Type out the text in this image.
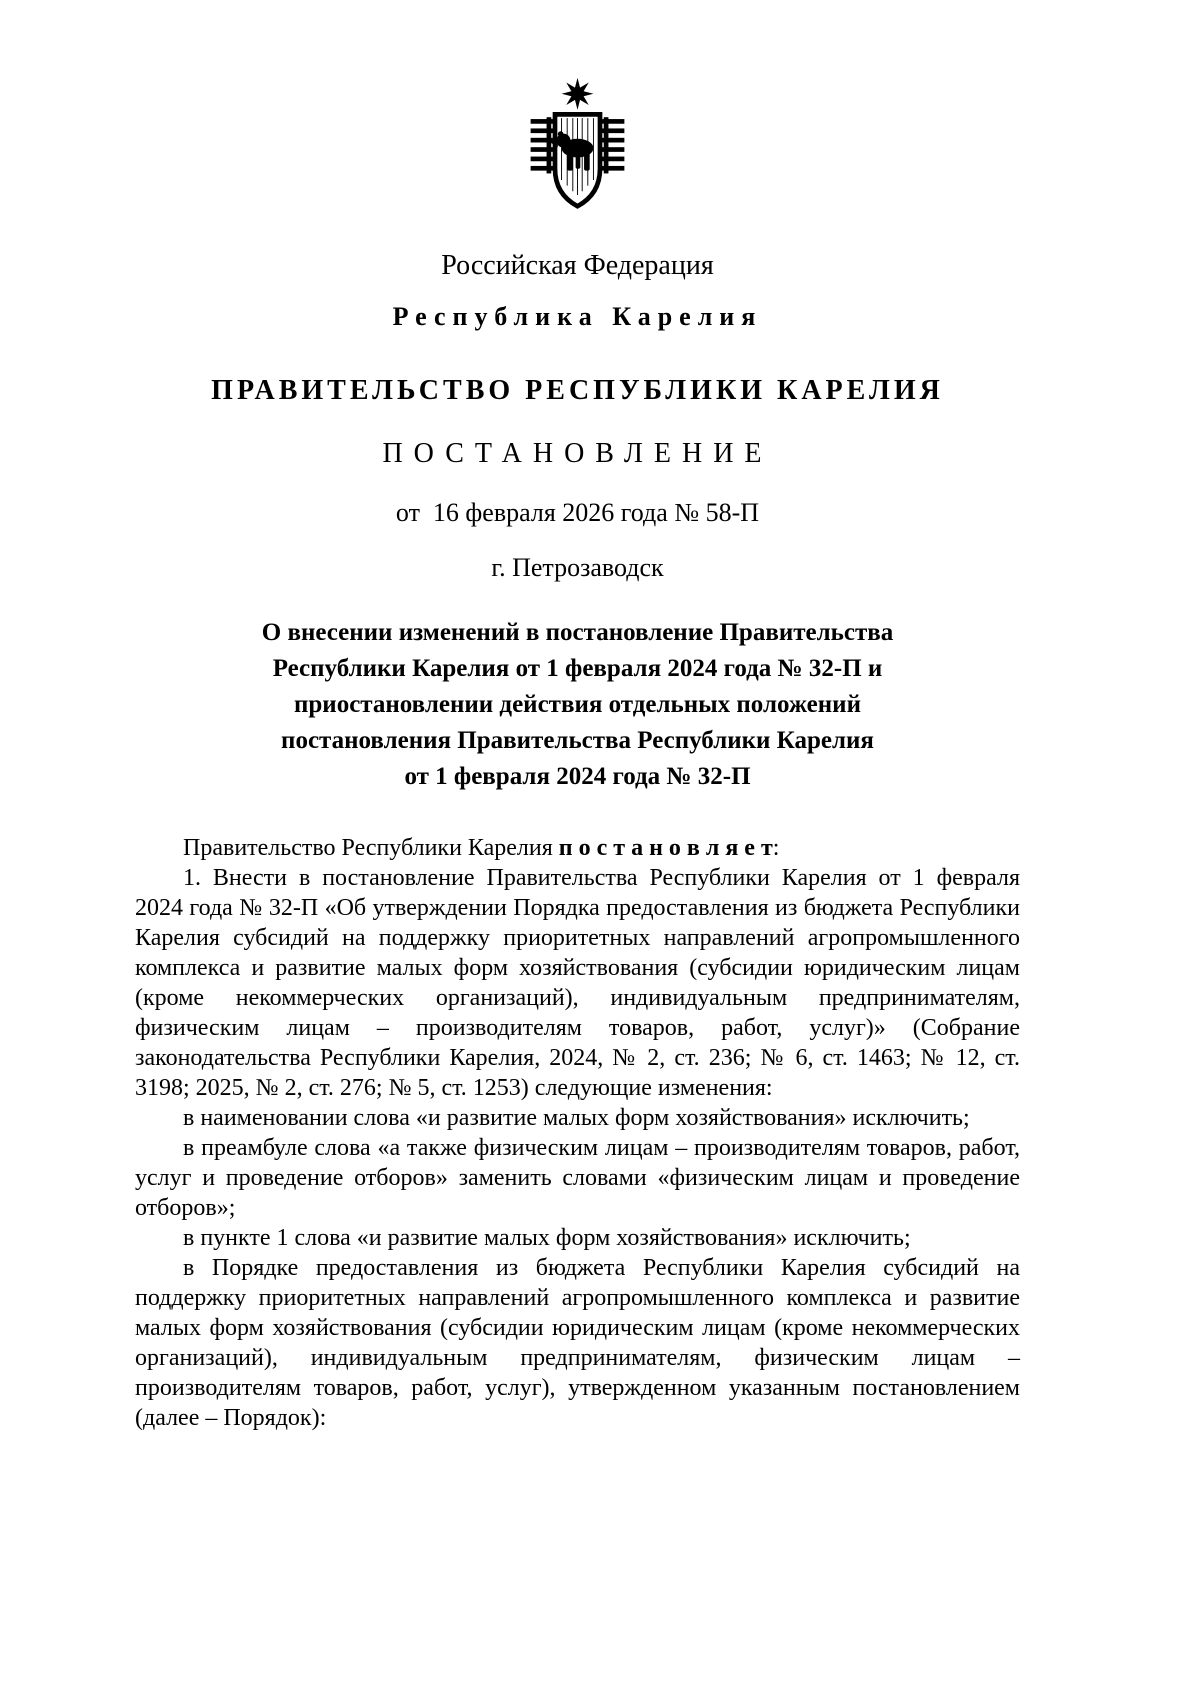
Российская Федерация
Республика Карелия
ПРАВИТЕЛЬСТВО РЕСПУБЛИКИ КАРЕЛИЯ
ПОСТАНОВЛЕНИЕ
от  16 февраля 2026 года № 58-П
г. Петрозаводск
О внесении изменений в постановление Правительства
Республики Карелия от 1 февраля 2024 года № 32-П и
приостановлении действия отдельных положений
постановления Правительства Республики Карелия
от 1 февраля 2024 года № 32-П

Правительство Республики Карелия п о с т а н о в л я е т:

1. Внести в постановление Правительства Республики Карелия от 1 февраля 2024 года № 32-П «Об утверждении Порядка предоставления из бюджета Республики Карелия субсидий на поддержку приоритетных направлений агропромышленного комплекса и развитие малых форм хозяйствования (субсидии юридическим лицам (кроме некоммерческих организаций), индивидуальным предпринимателям, физическим лицам – производителям товаров, работ, услуг)» (Собрание законодательства Республики Карелия, 2024, № 2, ст. 236; № 6, ст. 1463; № 12, ст. 3198; 2025, № 2, ст. 276; № 5, ст. 1253) следующие изменения:

в наименовании слова «и развитие малых форм хозяйствования» исключить;

в преамбуле слова «а также физическим лицам – производителям товаров, работ, услуг и проведение отборов» заменить словами «физическим лицам и проведение отборов»;

в пункте 1 слова «и развитие малых форм хозяйствования» исключить;

в Порядке предоставления из бюджета Республики Карелия субсидий на поддержку приоритетных направлений агропромышленного комплекса и развитие малых форм хозяйствования (субсидии юридическим лицам (кроме некоммерческих организаций), индивидуальным предпринимателям, физическим лицам – производителям товаров, работ, услуг), утвержденном указанным постановлением (далее – Порядок):
